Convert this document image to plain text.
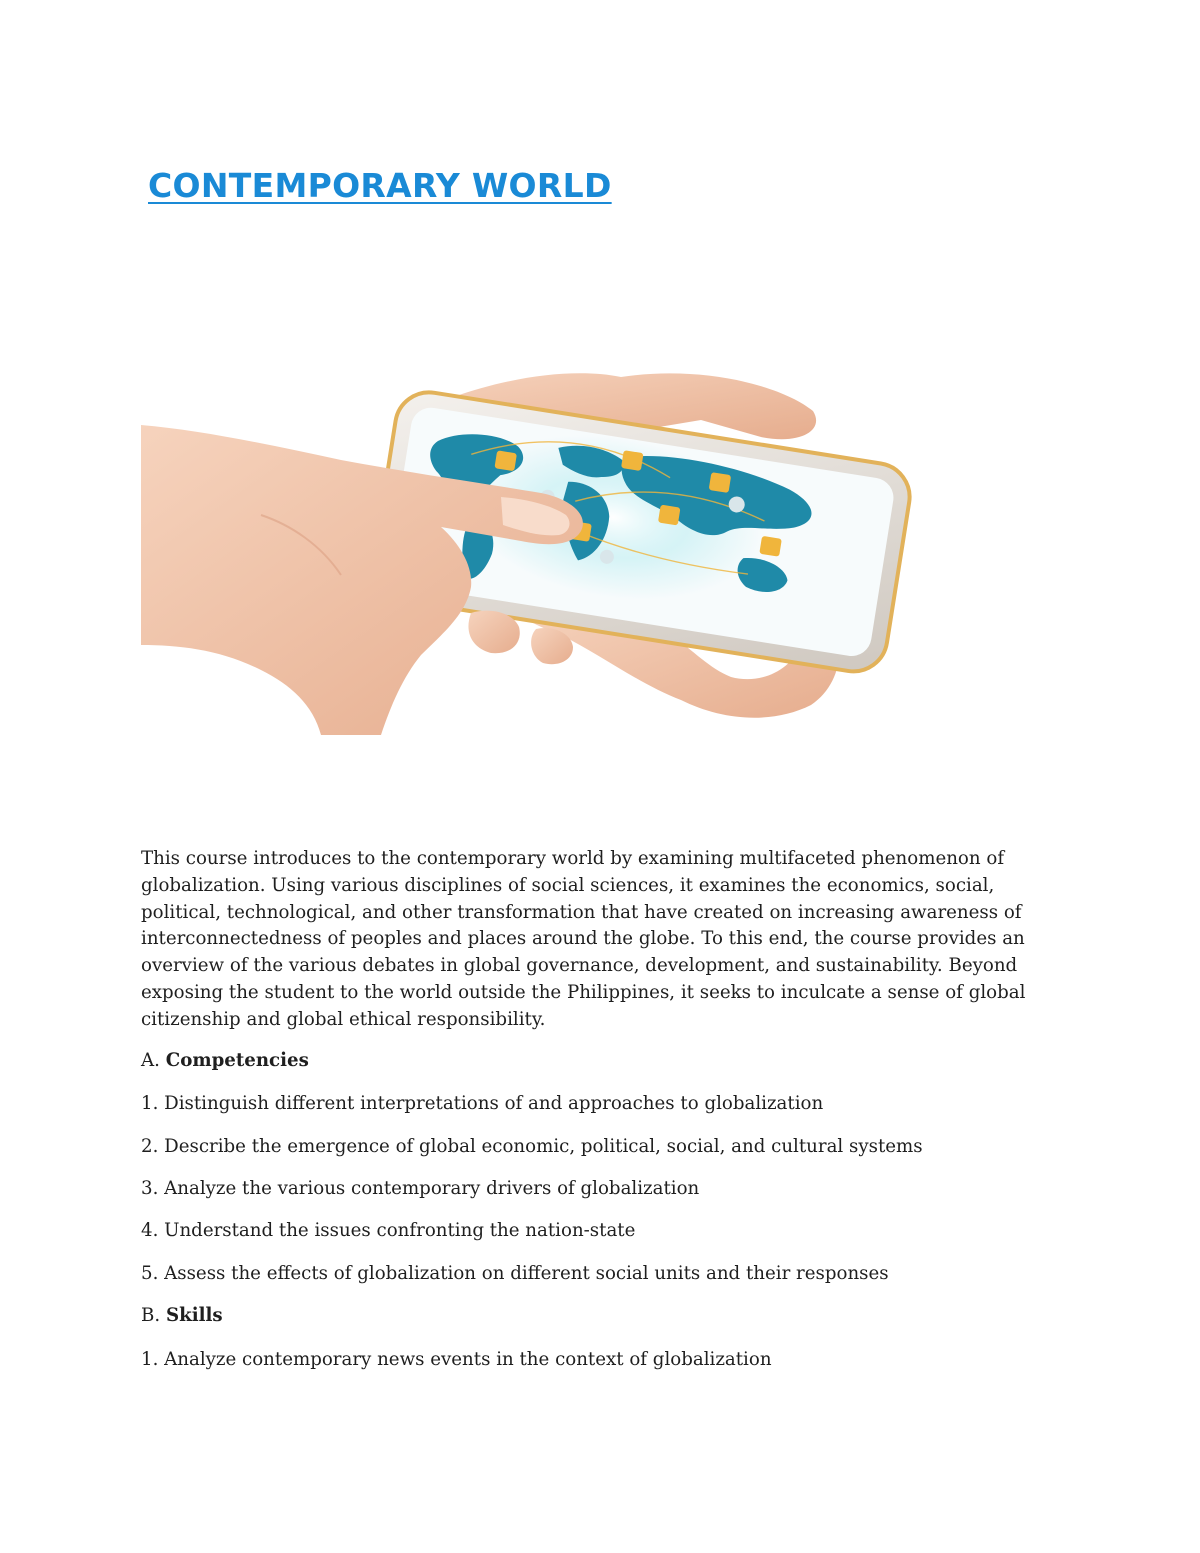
CONTEMPORARY WORLD

This course introduces to the contemporary world by examining multifaceted phenomenon of globalization. Using various disciplines of social sciences, it examines the economics, social, political, technological, and other transformation that have created on increasing awareness of interconnectedness of peoples and places around the globe. To this end, the course provides an overview of the various debates in global governance, development, and sustainability. Beyond exposing the student to the world outside the Philippines, it seeks to inculcate a sense of global citizenship and global ethical responsibility.

A. Competencies

1. Distinguish different interpretations of and approaches to globalization

2. Describe the emergence of global economic, political, social, and cultural systems

3. Analyze the various contemporary drivers of globalization

4. Understand the issues confronting the nation-state

5. Assess the effects of globalization on different social units and their responses

B. Skills

1. Analyze contemporary news events in the context of globalization
